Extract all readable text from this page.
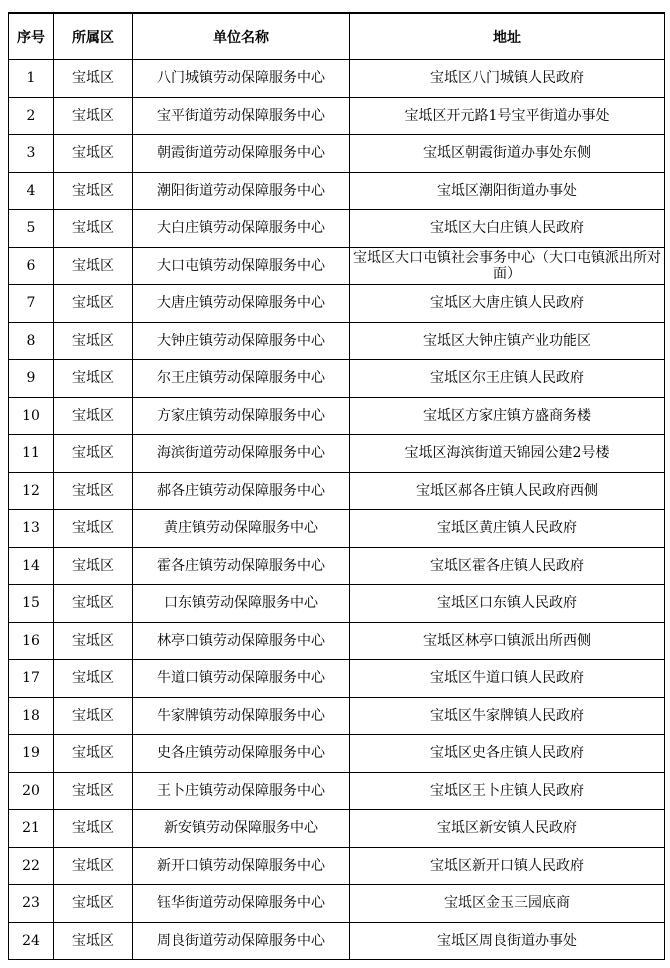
序号	所属区	单位名称	地址
1	宝坻区	八门城镇劳动保障服务中心	宝坻区八门城镇人民政府
2	宝坻区	宝平街道劳动保障服务中心	宝坻区开元路1号宝平街道办事处
3	宝坻区	朝霞街道劳动保障服务中心	宝坻区朝霞街道办事处东侧
4	宝坻区	潮阳街道劳动保障服务中心	宝坻区潮阳街道办事处
5	宝坻区	大白庄镇劳动保障服务中心	宝坻区大白庄镇人民政府
6	宝坻区	大口屯镇劳动保障服务中心	宝坻区大口屯镇社会事务中心（大口屯镇派出所对面）
7	宝坻区	大唐庄镇劳动保障服务中心	宝坻区大唐庄镇人民政府
8	宝坻区	大钟庄镇劳动保障服务中心	宝坻区大钟庄镇产业功能区
9	宝坻区	尔王庄镇劳动保障服务中心	宝坻区尔王庄镇人民政府
10	宝坻区	方家庄镇劳动保障服务中心	宝坻区方家庄镇方盛商务楼
11	宝坻区	海滨街道劳动保障服务中心	宝坻区海滨街道天锦园公建2号楼
12	宝坻区	郝各庄镇劳动保障服务中心	宝坻区郝各庄镇人民政府西侧
13	宝坻区	黄庄镇劳动保障服务中心	宝坻区黄庄镇人民政府
14	宝坻区	霍各庄镇劳动保障服务中心	宝坻区霍各庄镇人民政府
15	宝坻区	口东镇劳动保障服务中心	宝坻区口东镇人民政府
16	宝坻区	林亭口镇劳动保障服务中心	宝坻区林亭口镇派出所西侧
17	宝坻区	牛道口镇劳动保障服务中心	宝坻区牛道口镇人民政府
18	宝坻区	牛家牌镇劳动保障服务中心	宝坻区牛家牌镇人民政府
19	宝坻区	史各庄镇劳动保障服务中心	宝坻区史各庄镇人民政府
20	宝坻区	王卜庄镇劳动保障服务中心	宝坻区王卜庄镇人民政府
21	宝坻区	新安镇劳动保障服务中心	宝坻区新安镇人民政府
22	宝坻区	新开口镇劳动保障服务中心	宝坻区新开口镇人民政府
23	宝坻区	钰华街道劳动保障服务中心	宝坻区金玉三园底商
24	宝坻区	周良街道劳动保障服务中心	宝坻区周良街道办事处
